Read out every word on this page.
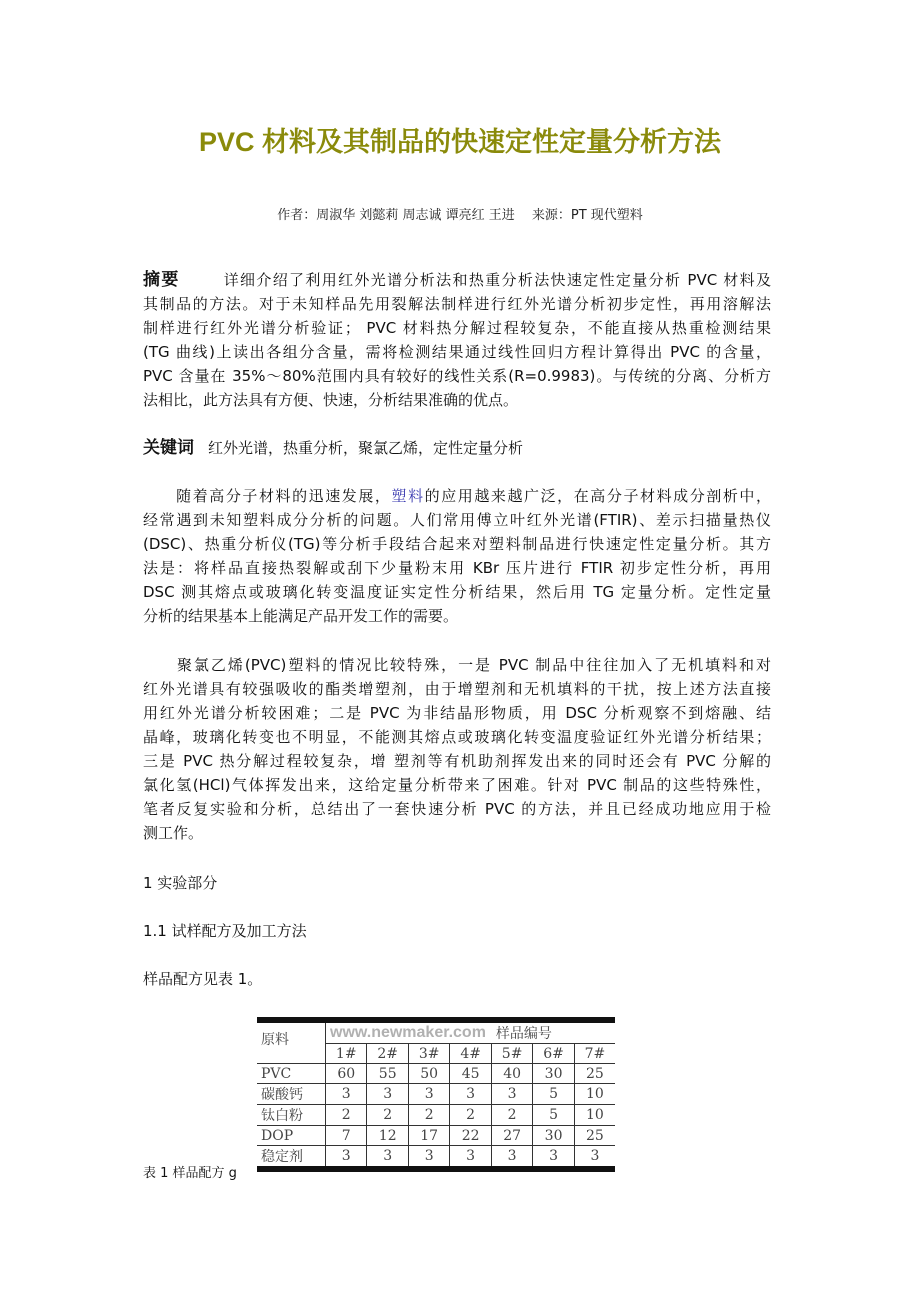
PVC 材料及其制品的快速定性定量分析方法
作者：周淑华 刘懿莉 周志诚 谭亮红 王进　 来源：PT 现代塑料
摘要	详细介绍了利用红外光谱分析法和热重分析法快速定性定量分析 PVC 材料及
其制品的方法。对于未知样品先用裂解法制样进行红外光谱分析初步定性，再用溶解法
制样进行红外光谱分析验证； PVC 材料热分解过程较复杂，不能直接从热重检测结果
(TG 曲线)上读出各组分含量，需将检测结果通过线性回归方程计算得出 PVC 的含量，
PVC 含量在 35%～80%范围内具有较好的线性关系(R=0.9983)。与传统的分离、分析方
法相比，此方法具有方便、快速，分析结果准确的优点。
关键词 红外光谱，热重分析，聚氯乙烯，定性定量分析
　　随着高分子材料的迅速发展，塑料的应用越来越广泛，在高分子材料成分剖析中，
经常遇到未知塑料成分分析的问题。人们常用傅立叶红外光谱(FTIR)、差示扫描量热仪
(DSC)、热重分析仪(TG)等分析手段结合起来对塑料制品进行快速定性定量分析。其方
法是：将样品直接热裂解或刮下少量粉末用 KBr 压片进行 FTIR 初步定性分析，再用
DSC 测其熔点或玻璃化转变温度证实定性分析结果，然后用 TG 定量分析。定性定量
分析的结果基本上能满足产品开发工作的需要。
　　聚氯乙烯(PVC)塑料的情况比较特殊，一是 PVC 制品中往往加入了无机填料和对
红外光谱具有较强吸收的酯类增塑剂，由于增塑剂和无机填料的干扰，按上述方法直接
用红外光谱分析较困难；二是 PVC 为非结晶形物质，用 DSC 分析观察不到熔融、结
晶峰，玻璃化转变也不明显，不能测其熔点或玻璃化转变温度验证红外光谱分析结果；
三是 PVC 热分解过程较复杂，增 塑剂等有机助剂挥发出来的同时还会有 PVC 分解的
氯化氢(HCl)气体挥发出来，这给定量分析带来了困难。针对 PVC 制品的这些特殊性，
笔者反复实验和分析，总结出了一套快速分析 PVC 的方法，并且已经成功地应用于检
测工作。
1 实验部分
1.1 试样配方及加工方法
样品配方见表 1。
原料	www.newmaker.com 样品编号						

	1#	2#	3#	4#	5#	6#	7#
PVC	60	55	50	45	40	30	25
碳酸钙	3	3	3	3	3	5	10
钛白粉	2	2	2	2	2	5	10
DOP	7	12	17	22	27	30	25
稳定剂	3	3	3	3	3	3	3
表 1 样品配方 g
